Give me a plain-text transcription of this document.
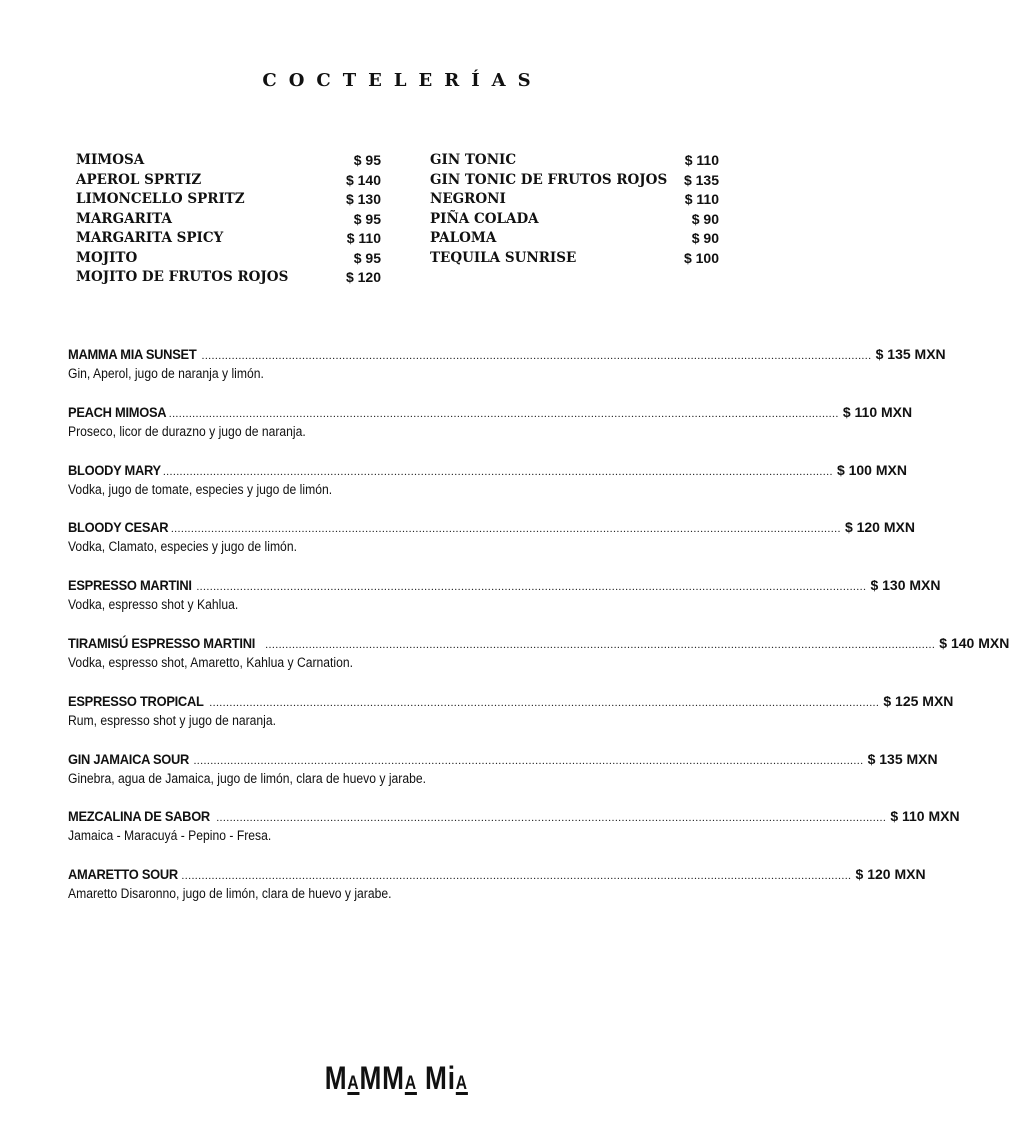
COCTELERÍAS
MIMOSA	$ 95
APEROL SPRTIZ	$ 140
LIMONCELLO SPRITZ	$ 130
MARGARITA	$ 95
MARGARITA SPICY	$ 110
MOJITO	$ 95
MOJITO DE FRUTOS ROJOS	$ 120
GIN TONIC	$ 110
GIN TONIC DE FRUTOS ROJOS $ 135
NEGRONI	$ 110
PIÑA COLADA	$ 90
PALOMA	$ 90
TEQUILA SUNRISE	$ 100
MAMMA MIA SUNSET ........................................................................................................................................................................................................ $ 135 MXN
Gin, Aperol, jugo de naranja y limón.
PEACH MIMOSA ........................................................................................................................................................................................................ $ 110 MXN
Proseco, licor de durazno y jugo de naranja.
BLOODY MARY ........................................................................................................................................................................................................ $ 100 MXN
Vodka, jugo de tomate, especies y jugo de limón.
BLOODY CESAR ........................................................................................................................................................................................................ $ 120 MXN
Vodka, Clamato, especies y jugo de limón.
ESPRESSO MARTINI ........................................................................................................................................................................................................ $ 130 MXN
Vodka, espresso shot y Kahlua.
TIRAMISÚ ESPRESSO MARTINI ........................................................................................................................................................................................................ $ 140 MXN
Vodka, espresso shot, Amaretto, Kahlua y Carnation.
ESPRESSO TROPICAL ........................................................................................................................................................................................................ $ 125 MXN
Rum, espresso shot y jugo de naranja.
GIN JAMAICA SOUR ........................................................................................................................................................................................................ $ 135 MXN
Ginebra, agua de Jamaica, jugo de limón, clara de huevo y jarabe.
MEZCALINA DE SABOR ........................................................................................................................................................................................................ $ 110 MXN
Jamaica - Maracuyá - Pepino - Fresa.
AMARETTO SOUR ........................................................................................................................................................................................................ $ 120 MXN
Amaretto Disaronno, jugo de limón, clara de huevo y jarabe.
MAMMA MiA
